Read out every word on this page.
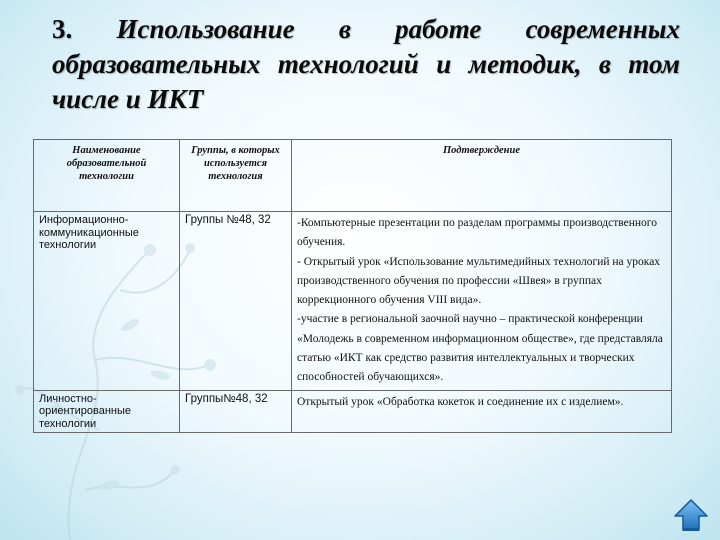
3. Использование в работе современных образовательных технологий и методик, в том числе и ИКТ
Наименование образовательной технологии	Группы, в которых используется технология	Подтверждение
Информационно-коммуникационные технологии	Группы №48, 32	-Компьютерные презентации по разделам программы производственного обучения.

- Открытый урок «Использование мультимедийных технологий на уроках производственного обучения по профессии «Швея» в группах коррекционного обучения VIII вида».

-участие в региональной заочной научно – практической конференции «Молодежь в современном информационном обществе», где представляла статью «ИКТ как средство развития интеллектуальных и творческих способностей обучающихся».

Личностно-ориентированные технологии	Группы№48, 32	Открытый урок «Обработка кокеток и соединение их с изделием».
